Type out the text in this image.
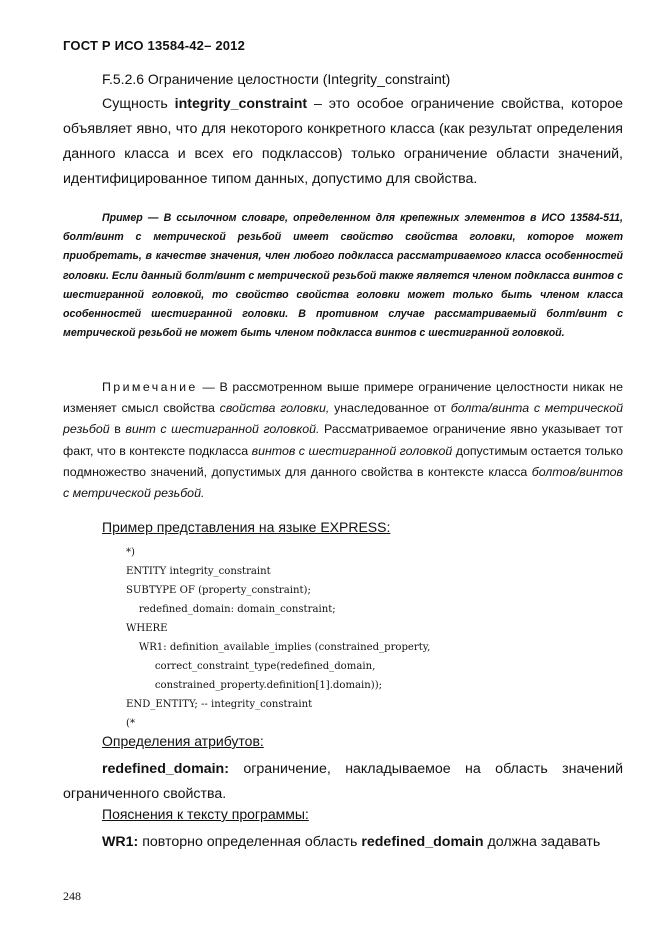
ГОСТ Р ИСО 13584-42– 2012
F.5.2.6 Ограничение целостности (Integrity_constraint)
Сущность integrity_constraint – это особое ограничение свойства, которое объявляет явно, что для некоторого конкретного класса (как результат определения данного класса и всех его подклассов) только ограничение области значений, идентифицированное типом данных, допустимо для свойства.
Пример — В ссылочном словаре, определенном для крепежных элементов в ИСО 13584-511, болт/винт с метрической резьбой имеет свойство свойства головки, которое может приобретать, в качестве значения, член любого подкласса рассматриваемого класса особенностей головки. Если данный болт/винт с метрической резьбой также является членом подкласса винтов с шестигранной головкой, то свойство свойства головки может только быть членом класса особенностей шестигранной головки. В противном случае рассматриваемый болт/винт с метрической резьбой не может быть членом подкласса винтов с шестигранной головкой.
Примечание — В рассмотренном выше примере ограничение целостности никак не изменяет смысл свойства свойства головки, унаследованное от болта/винта с метрической резьбой в винт с шестигранной головкой. Рассматриваемое ограничение явно указывает тот факт, что в контексте подкласса винтов с шестигранной головкой допустимым остается только подмножество значений, допустимых для данного свойства в контексте класса болтов/винтов с метрической резьбой.
Пример представления на языке EXPRESS:
*)
ENTITY integrity_constraint
SUBTYPE OF (property_constraint);
redefined_domain: domain_constraint;
WHERE
WR1: definition_available_implies (constrained_property,
correct_constraint_type(redefined_domain,
constrained_property.definition[1].domain));
END_ENTITY; -- integrity_constraint
(*
Определения атрибутов:
redefined_domain: ограничение, накладываемое на область значений ограниченного свойства.
Пояснения к тексту программы:
WR1: повторно определенная область redefined_domain должна задавать
248
